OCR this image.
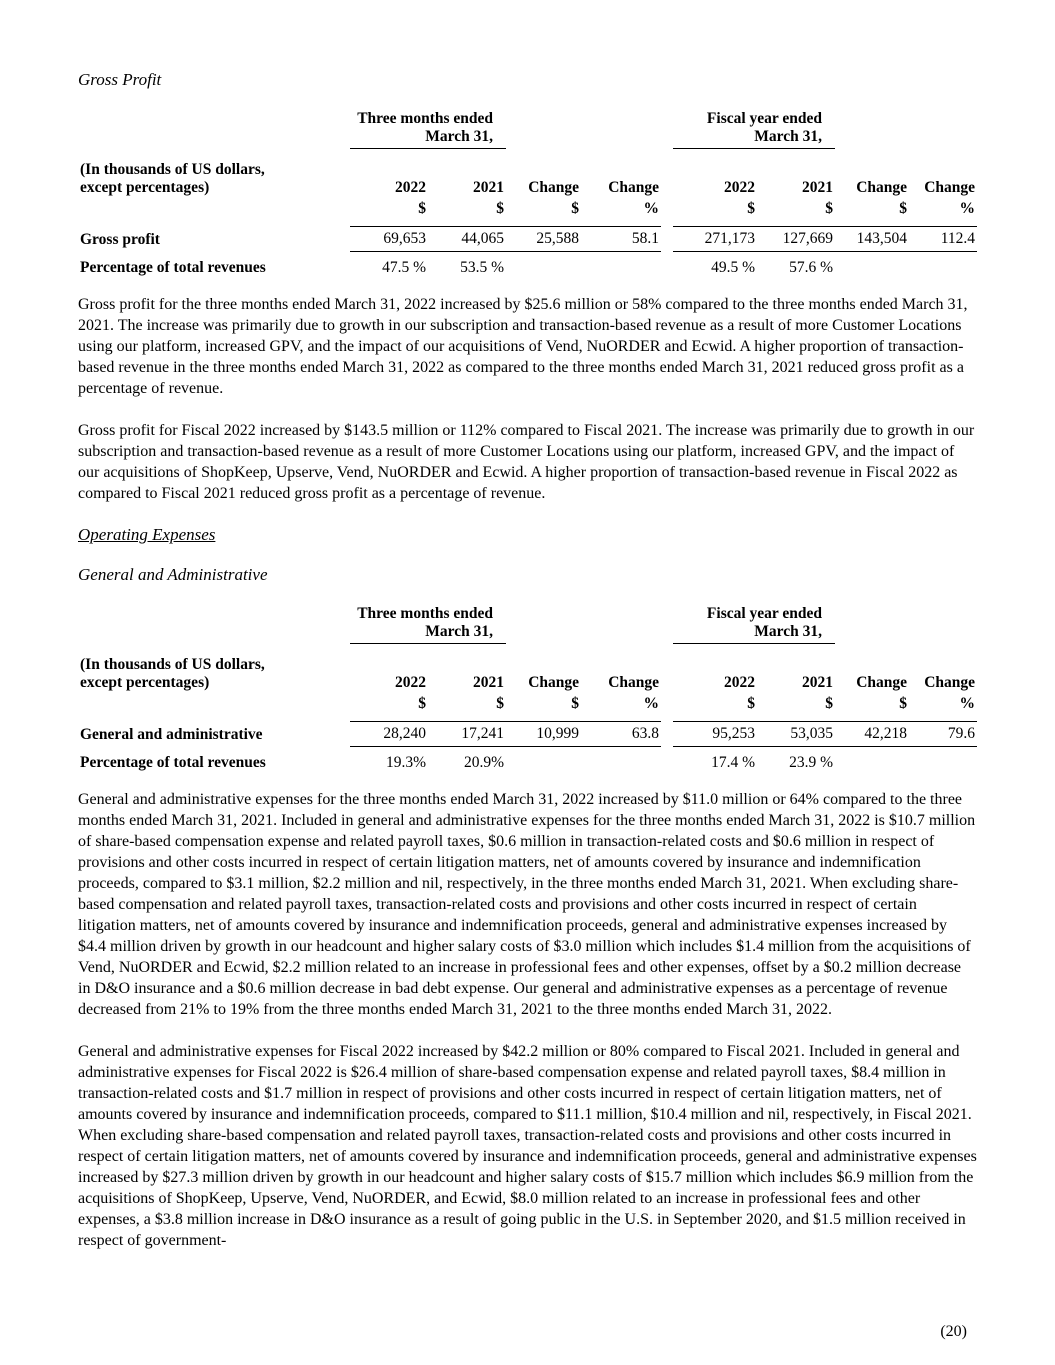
Gross Profit

	Three months ended
March 31,					Fiscal year ended
March 31,			

(In thousands of US dollars,
except percentages)	2022	2021	Change	Change		2022	2021	Change	Change
	$	$	$	%		$	$	$	%

Gross profit	69,653	44,065	25,588	58.1		271,173	127,669	143,504	112.4
Percentage of total revenues	47.5 %	53.5 %				49.5 %	57.6 %		

Gross profit for the three months ended March 31, 2022 increased by $25.6 million or 58% compared to the three months ended March 31, 2021. The increase was primarily due to growth in our subscription and transaction-based revenue as a result of more Customer Locations using our platform, increased GPV, and the impact of our acquisitions of Vend, NuORDER and Ecwid. A higher proportion of transaction-based revenue in the three months ended March 31, 2022 as compared to the three months ended March 31, 2021 reduced gross profit as a percentage of revenue.

Gross profit for Fiscal 2022 increased by $143.5 million or 112% compared to Fiscal 2021. The increase was primarily due to growth in our subscription and transaction-based revenue as a result of more Customer Locations using our platform, increased GPV, and the impact of our acquisitions of ShopKeep, Upserve, Vend, NuORDER and Ecwid. A higher proportion of transaction-based revenue in Fiscal 2022 as compared to Fiscal 2021 reduced gross profit as a percentage of revenue.

Operating Expenses
General and Administrative

	Three months ended
March 31,					Fiscal year ended
March 31,			

(In thousands of US dollars,
except percentages)	2022	2021	Change	Change		2022	2021	Change	Change
	$	$	$	%		$	$	$	%

General and administrative	28,240	17,241	10,999	63.8		95,253	53,035	42,218	79.6
Percentage of total revenues	19.3%	20.9%				17.4 %	23.9 %		

General and administrative expenses for the three months ended March 31, 2022 increased by $11.0 million or 64% compared to the three months ended March 31, 2021. Included in general and administrative expenses for the three months ended March 31, 2022 is $10.7 million of share-based compensation expense and related payroll taxes, $0.6 million in transaction-related costs and $0.6 million in respect of provisions and other costs incurred in respect of certain litigation matters, net of amounts covered by insurance and indemnification proceeds, compared to $3.1 million, $2.2 million and nil, respectively, in the three months ended March 31, 2021. When excluding share-based compensation and related payroll taxes, transaction-related costs and provisions and other costs incurred in respect of certain litigation matters, net of amounts covered by insurance and indemnification proceeds, general and administrative expenses increased by $4.4 million driven by growth in our headcount and higher salary costs of $3.0 million which includes $1.4 million from the acquisitions of Vend, NuORDER and Ecwid, $2.2 million related to an increase in professional fees and other expenses, offset by a $0.2 million decrease in D&O insurance and a $0.6 million decrease in bad debt expense. Our general and administrative expenses as a percentage of revenue decreased from 21% to 19% from the three months ended March 31, 2021 to the three months ended March 31, 2022.

General and administrative expenses for Fiscal 2022 increased by $42.2 million or 80% compared to Fiscal 2021. Included in general and administrative expenses for Fiscal 2022 is $26.4 million of share-based compensation expense and related payroll taxes, $8.4 million in transaction-related costs and $1.7 million in respect of provisions and other costs incurred in respect of certain litigation matters, net of amounts covered by insurance and indemnification proceeds, compared to $11.1 million, $10.4 million and nil, respectively, in Fiscal 2021. When excluding share-based compensation and related payroll taxes, transaction-related costs and provisions and other costs incurred in respect of certain litigation matters, net of amounts covered by insurance and indemnification proceeds, general and administrative expenses increased by $27.3 million driven by growth in our headcount and higher salary costs of $15.7 million which includes $6.9 million from the acquisitions of ShopKeep, Upserve, Vend, NuORDER, and Ecwid, $8.0 million related to an increase in professional fees and other expenses, a $3.8 million increase in D&O insurance as a result of going public in the U.S. in September 2020, and $1.5 million received in respect of government-

(20)
